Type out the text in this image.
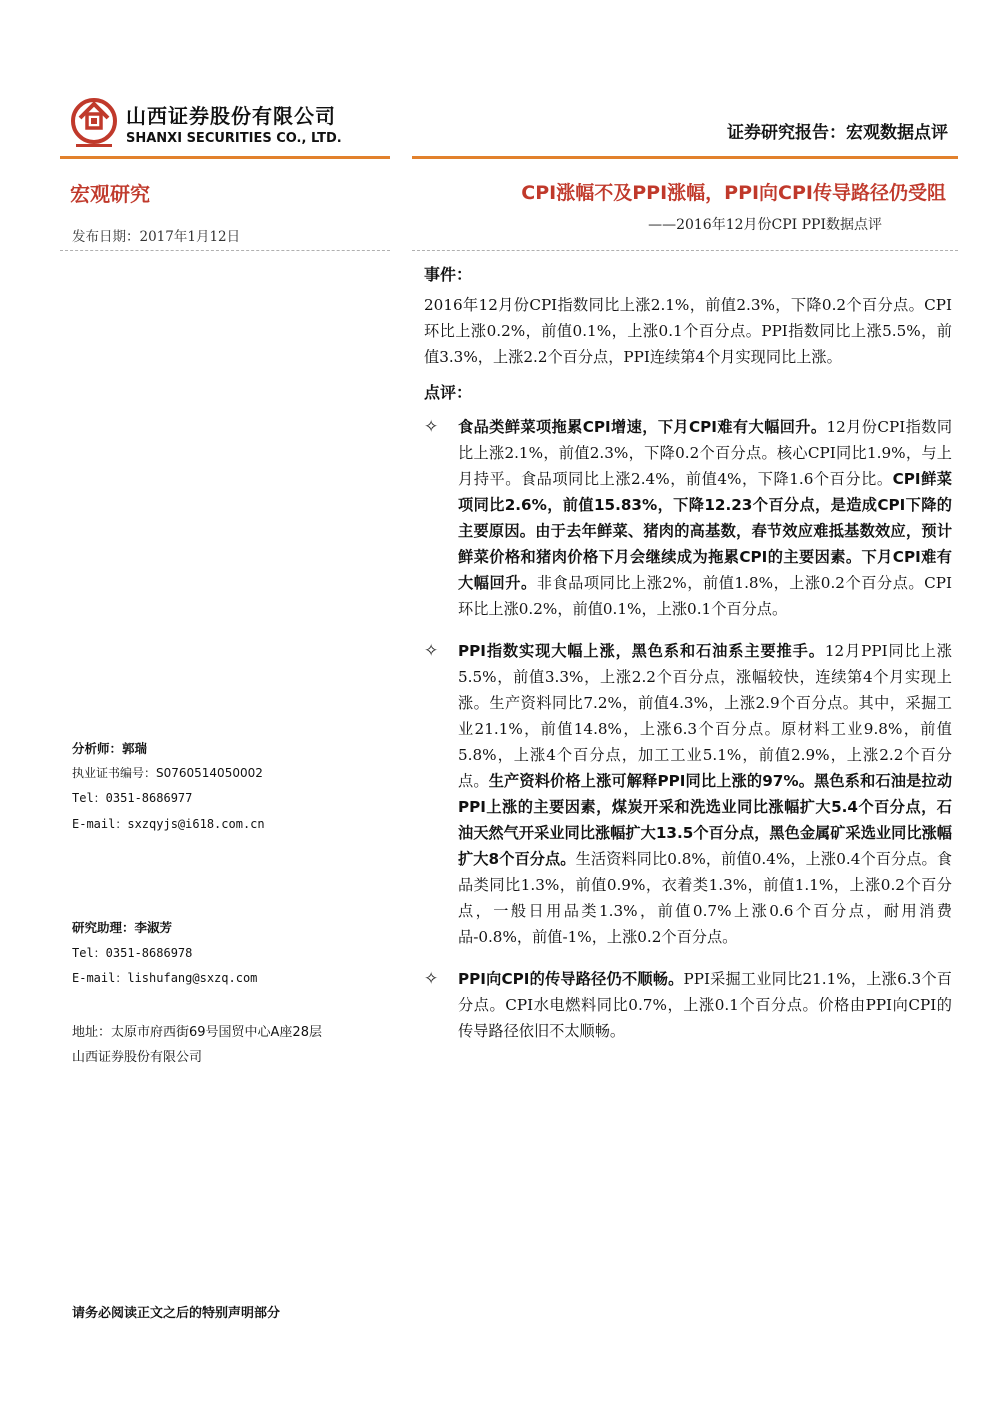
山西证券股份有限公司
SHANXI SECURITIES CO., LTD.	证券研究报告：宏观数据点评
宏观研究
发布日期：2017年1月12日
分析师：郭瑞
执业证书编号：S0760514050002
Tel：0351-8686977
E-mail：sxzqyjs@i618.com.cn
研究助理：李淑芳
Tel：0351-8686978
E-mail：lishufang@sxzq.com
地址：太原市府西街69号国贸中心A座28层
山西证券股份有限公司
CPI涨幅不及PPI涨幅，PPI向CPI传导路径仍受阻
——2016年12月份CPI PPI数据点评
事件：
2016年12月份CPI指数同比上涨2.1%，前值2.3%，下降0.2个百分点。CPI环比上涨0.2%，前值0.1%，上涨0.1个百分点。PPI指数同比上涨5.5%，前值3.3%，上涨2.2个百分点，PPI连续第4个月实现同比上涨。
点评：
✧ 食品类鲜菜项拖累CPI增速，下月CPI难有大幅回升。12月份CPI指数同比上涨2.1%，前值2.3%，下降0.2个百分点。核心CPI同比1.9%，与上月持平。食品项同比上涨2.4%，前值4%，下降1.6个百分比。CPI鲜菜项同比2.6%，前值15.83%，下降12.23个百分点，是造成CPI下降的主要原因。由于去年鲜菜、猪肉的高基数，春节效应难抵基数效应，预计鲜菜价格和猪肉价格下月会继续成为拖累CPI的主要因素。下月CPI难有大幅回升。非食品项同比上涨2%，前值1.8%，上涨0.2个百分点。CPI环比上涨0.2%，前值0.1%，上涨0.1个百分点。
✧ PPI指数实现大幅上涨，黑色系和石油系主要推手。12月PPI同比上涨5.5%，前值3.3%，上涨2.2个百分点，涨幅较快，连续第4个月实现上涨。生产资料同比7.2%，前值4.3%，上涨2.9个百分点。其中，采掘工业21.1%，前值14.8%，上涨6.3个百分点。原材料工业9.8%，前值5.8%，上涨4个百分点，加工工业5.1%，前值2.9%，上涨2.2个百分点。生产资料价格上涨可解释PPI同比上涨的97%。黑色系和石油是拉动PPI上涨的主要因素，煤炭开采和洗选业同比涨幅扩大5.4个百分点，石油天然气开采业同比涨幅扩大13.5个百分点，黑色金属矿采选业同比涨幅扩大8个百分点。生活资料同比0.8%，前值0.4%，上涨0.4个百分点。食品类同比1.3%，前值0.9%，衣着类1.3%，前值1.1%，上涨0.2个百分点，一般日用品类1.3%，前值0.7%上涨0.6个百分点，耐用消费品-0.8%，前值-1%，上涨0.2个百分点。
✧ PPI向CPI的传导路径仍不顺畅。PPI采掘工业同比21.1%，上涨6.3个百分点。CPI水电燃料同比0.7%，上涨0.1个百分点。价格由PPI向CPI的传导路径依旧不太顺畅。
请务必阅读正文之后的特别声明部分
